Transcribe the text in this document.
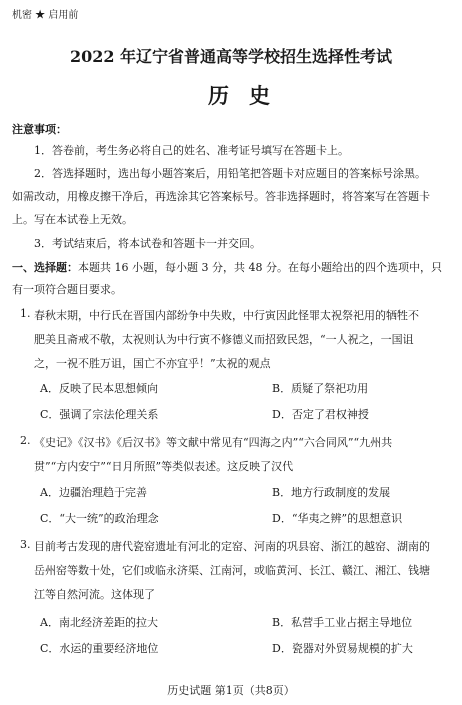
机密 ★ 启用前
2022 年辽宁省普通高等学校招生选择性考试
历史
注意事项：
1．答卷前，考生务必将自己的姓名、准考证号填写在答题卡上。
2．答选择题时，选出每小题答案后，用铅笔把答题卡对应题目的答案标号涂黑。
如需改动，用橡皮擦干净后，再选涂其它答案标号。答非选择题时，将答案写在答题卡
上。写在本试卷上无效。
3．考试结束后，将本试卷和答题卡一并交回。
一、选择题：本题共 16 小题，每小题 3 分，共 48 分。在每小题给出的四个选项中，只
有一项符合题目要求。
1. 春秋末期，中行氏在晋国内部纷争中失败，中行寅因此怪罪太祝祭祀用的牺牲不
肥美且斋戒不敬，太祝则认为中行寅不修德义而招致民怨，“一人祝之，一国诅
之，一祝不胜万诅，国亡不亦宜乎！”太祝的观点
A．反映了民本思想倾向	B．质疑了祭祀功用
C．强调了宗法伦理关系	D．否定了君权神授
2. 《史记》《汉书》《后汉书》等文献中常见有“四海之内”“六合同风”“九州共
贯”“方内安宁”“日月所照”等类似表述。这反映了汉代
A．边疆治理趋于完善	B．地方行政制度的发展
C．“大一统”的政治理念	D．“华夷之辨”的思想意识
3. 目前考古发现的唐代瓷窑遗址有河北的定窑、河南的巩县窑、浙江的越窑、湖南的
岳州窑等数十处，它们或临永济渠、江南河，或临黄河、长江、赣江、湘江、钱塘
江等自然河流。这体现了
A．南北经济差距的拉大	B．私营手工业占据主导地位
C．水运的重要经济地位	D．瓷器对外贸易规模的扩大
历史试题 第1页（共8页）
